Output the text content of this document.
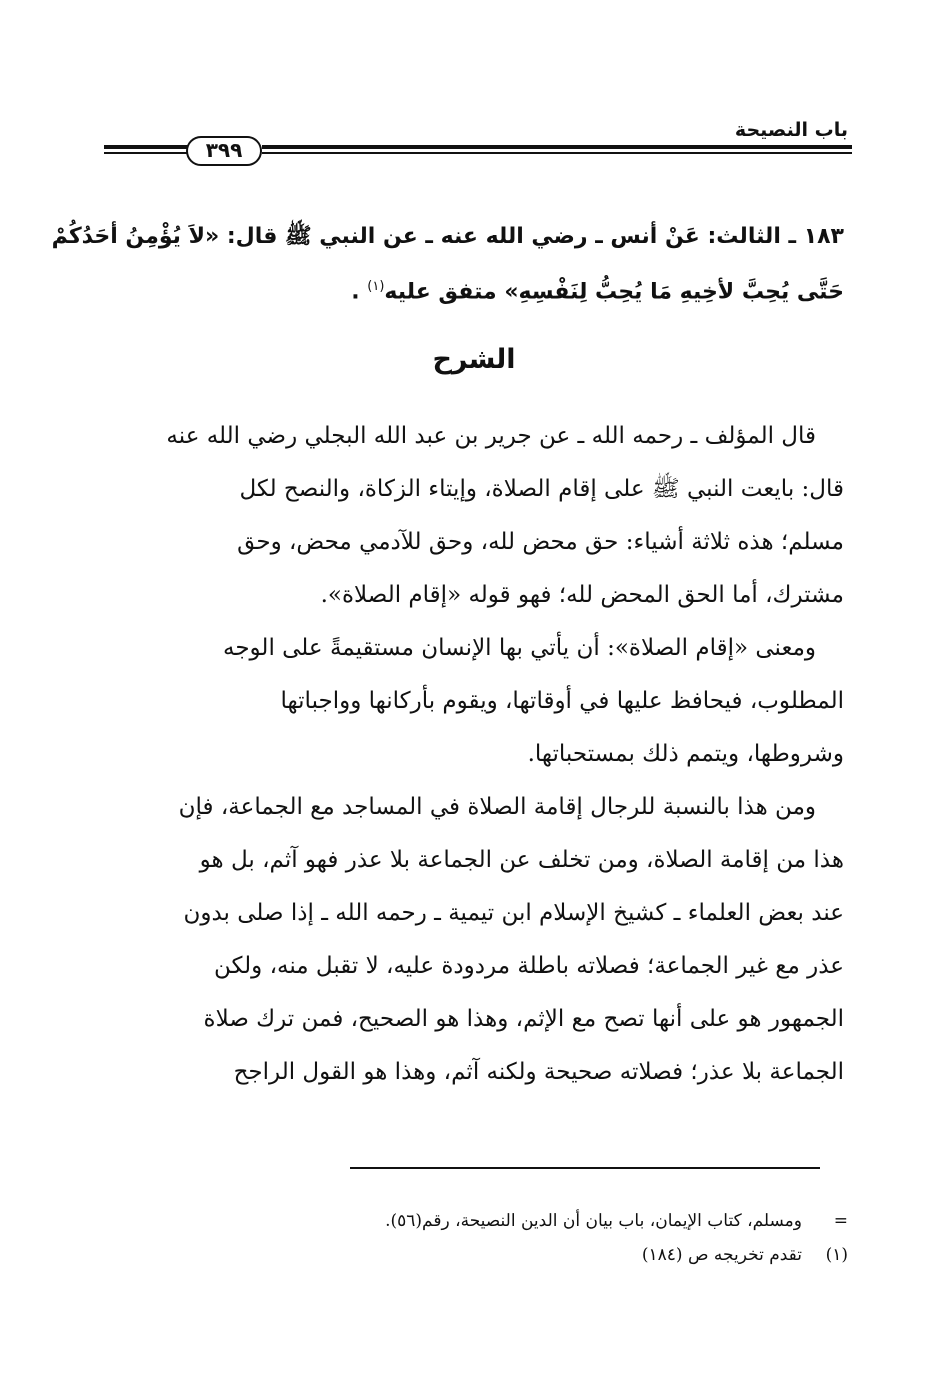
باب النصيحة
٣٩٩
١٨٣ ـ الثالث: عَنْ أنس ـ رضي الله عنه ـ عن النبي ﷺ قال: «لاَ يُؤْمِنُ أحَدُكُمْ
حَتَّى يُحِبَّ لأخِيهِ مَا يُحِبُّ لِنَفْسِهِ» متفق عليه$^{(١)}$ .
الشرح
قال المؤلف ـ رحمه الله ـ عن جرير بن عبد الله البجلي رضي الله عنه
قال: بايعت النبي ﷺ على إقام الصلاة، وإيتاء الزكاة، والنصح لكل
مسلم؛ هذه ثلاثة أشياء: حق محض لله، وحق للآدمي محض، وحق
مشترك، أما الحق المحض لله؛ فهو قوله «إقام الصلاة».
ومعنى «إقام الصلاة»: أن يأتي بها الإنسان مستقيمةً على الوجه
المطلوب، فيحافظ عليها في أوقاتها، ويقوم بأركانها وواجباتها
وشروطها، ويتمم ذلك بمستحباتها.
ومن هذا بالنسبة للرجال إقامة الصلاة في المساجد مع الجماعة، فإن
هذا من إقامة الصلاة، ومن تخلف عن الجماعة بلا عذر فهو آثم، بل هو
عند بعض العلماء ـ كشيخ الإسلام ابن تيمية ـ رحمه الله ـ إذا صلى بدون
عذر مع غير الجماعة؛ فصلاته باطلة مردودة عليه، لا تقبل منه، ولكن
الجمهور هو على أنها تصح مع الإثم، وهذا هو الصحيح، فمن ترك صلاة
الجماعة بلا عذر؛ فصلاته صحيحة ولكنه آثم، وهذا هو القول الراجح
=ومسلم، كتاب الإيمان، باب بيان أن الدين النصيحة، رقم(٥٦).
(١)تقدم تخريجه ص (١٨٤)
